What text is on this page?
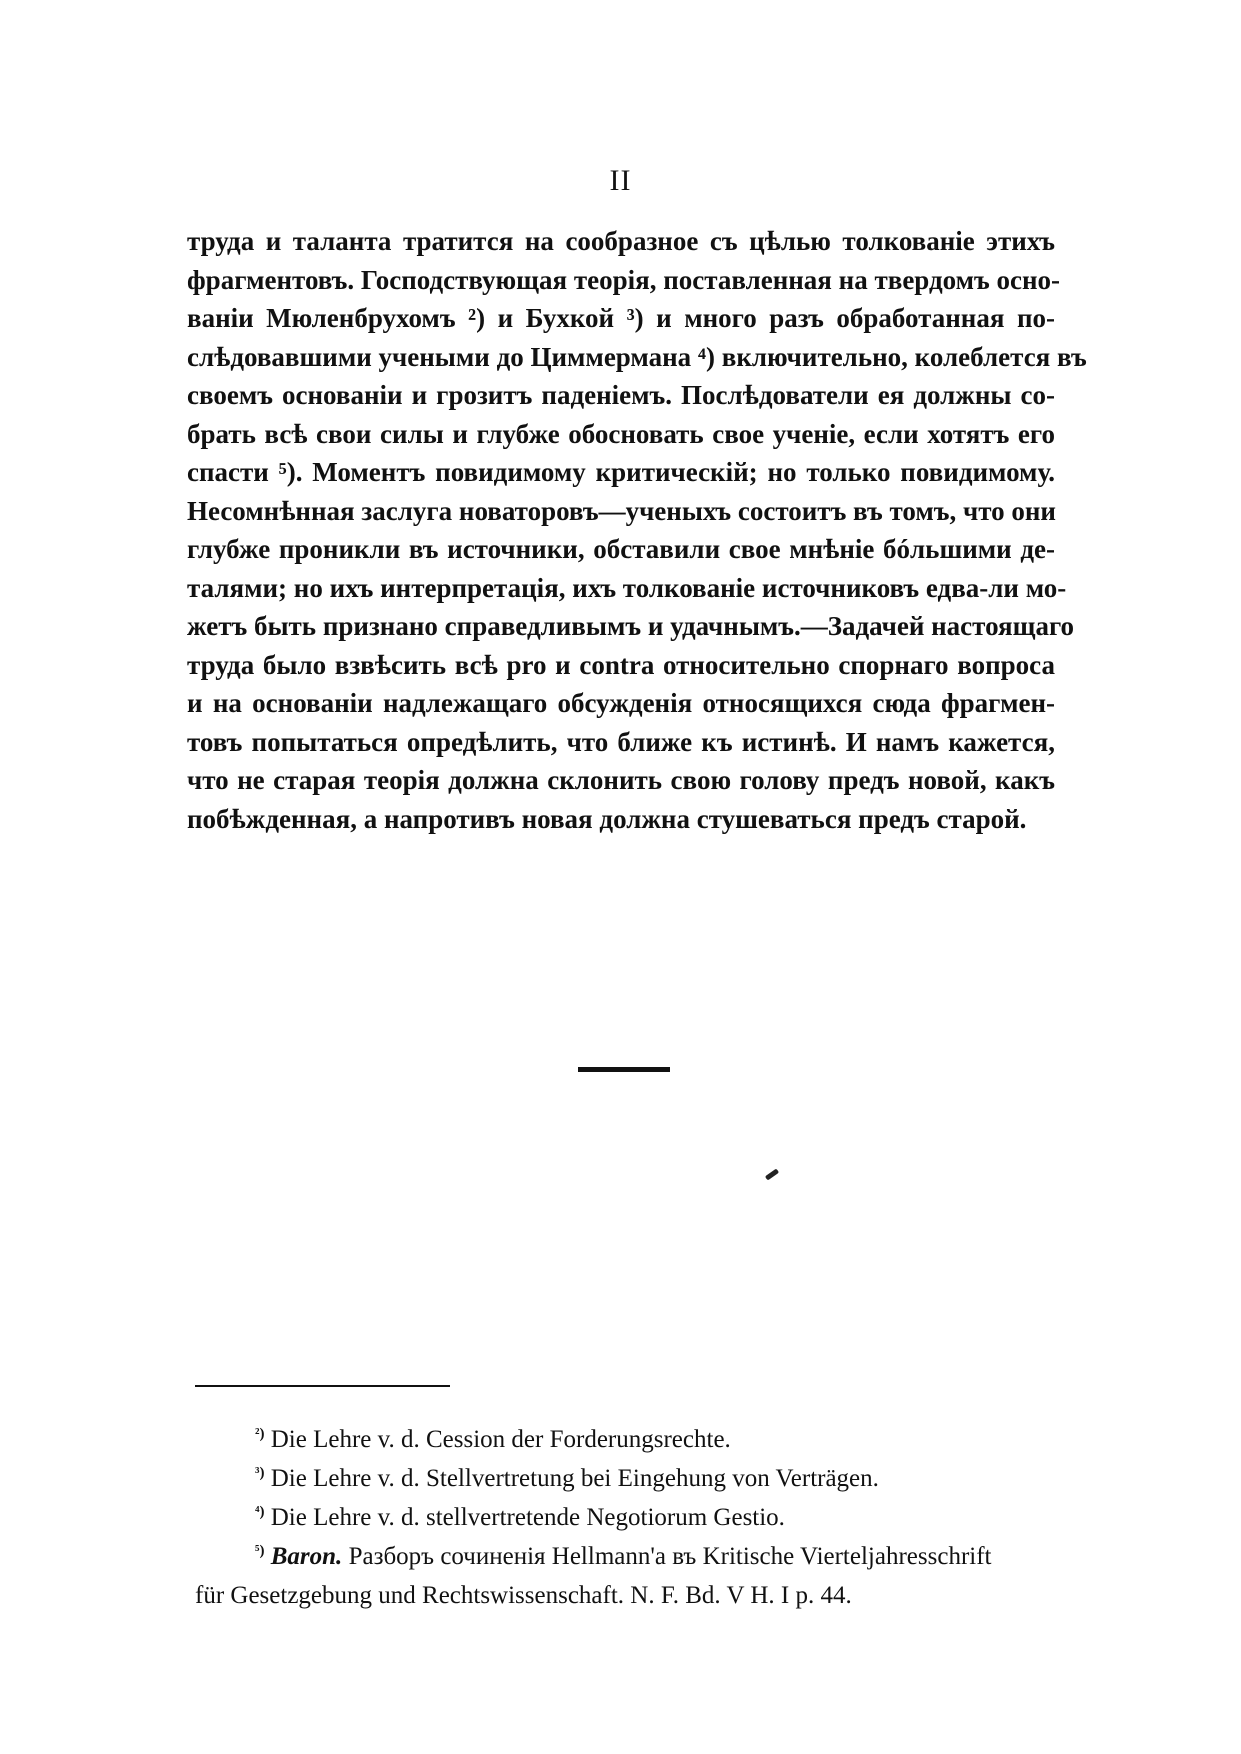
II
труда и таланта тратится на сообразное съ цѣлью толкованіе этихъ
фрагментовъ. Господствующая теорія, поставленная на твердомъ осно-
ваніи Мюленбрухомъ ²) и Бухкой ³) и много разъ обработанная по-
слѣдовавшими учеными до Циммермана ⁴) включительно, колеблется въ
своемъ основаніи и грозитъ паденіемъ. Послѣдователи ея должны со-
брать всѣ свои силы и глубже обосновать свое ученіе, если хотятъ его
спасти ⁵). Моментъ повидимому критическій; но только повидимому.
Несомнѣнная заслуга новаторовъ—ученыхъ состоитъ въ томъ, что они
глубже проникли въ источники, обставили свое мнѣніе бóльшими де-
талями; но ихъ интерпретація, ихъ толкованіе источниковъ едва-ли мо-
жетъ быть признано справедливымъ и удачнымъ.—Задачей настоящаго
труда было взвѣсить всѣ pro и contra относительно спорнаго вопроса
и на основаніи надлежащаго обсужденія относящихся сюда фрагмен-
товъ попытаться опредѣлить, что ближе къ истинѣ. И намъ кажется,
что не старая теорія должна склонить свою голову предъ новой, какъ
побѣжденная, а напротивъ новая должна стушеваться предъ старой.
$^{^2)}$ Die Lehre v. d. Cession der Forderungsrechte.
$^{^3)}$ Die Lehre v. d. Stellvertretung bei Eingehung von Verträgen.
$^{^4)}$ Die Lehre v. d. stellvertretende Negotiorum Gestio.
$^{^5)}$ Baron. Разборъ сочиненія Hellmann'a въ Kritische Vierteljahresschrift
für Gesetzgebung und Rechtswissenschaft. N. F. Bd. V H. I p. 44.
